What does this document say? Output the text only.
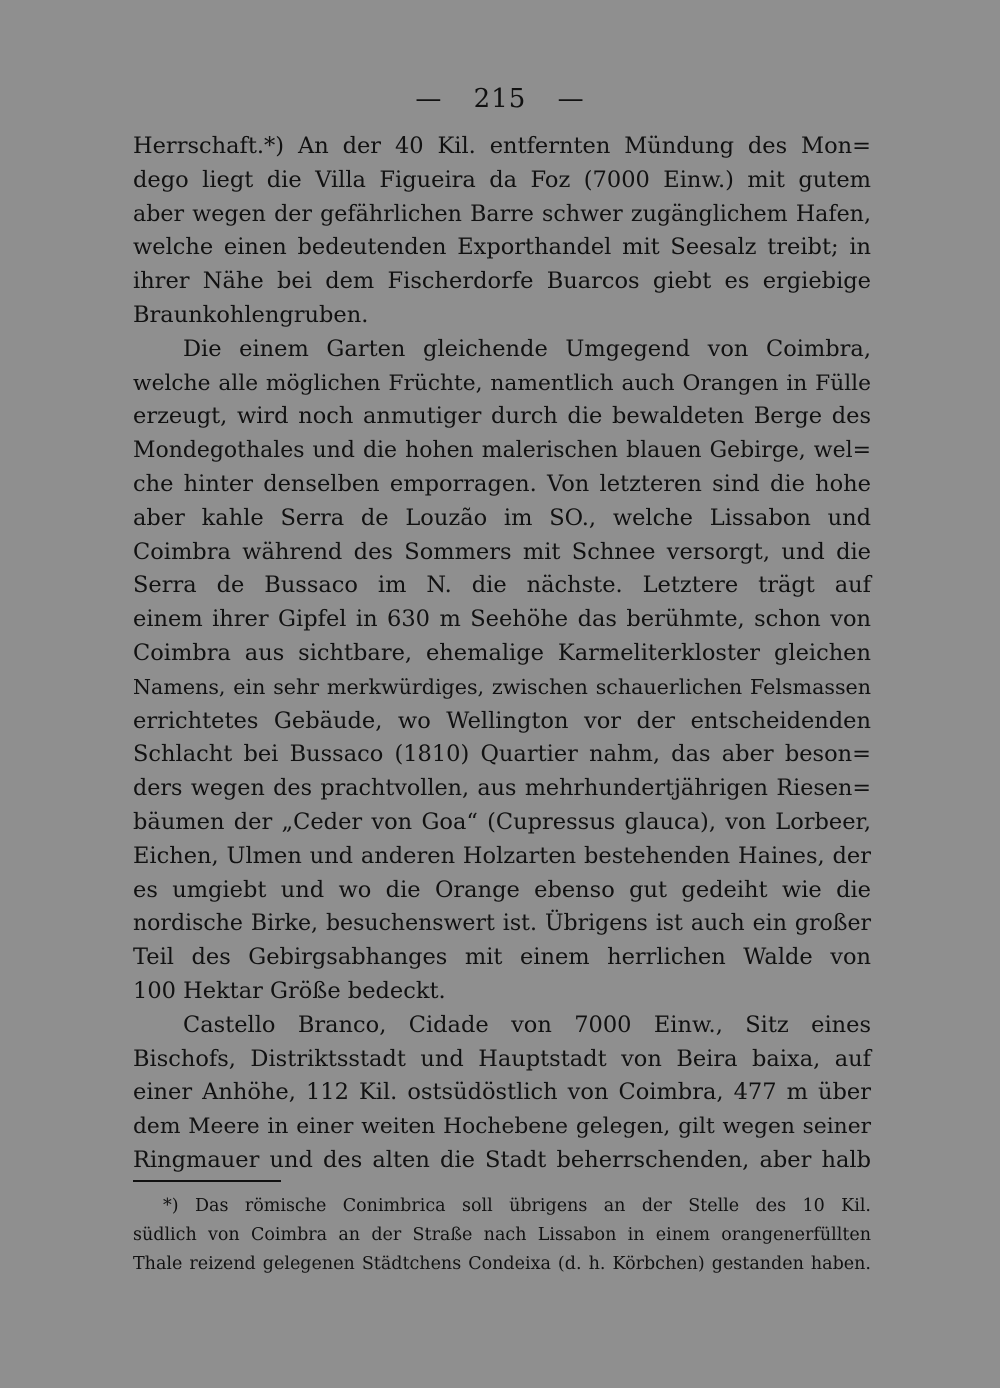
— 215 —
Herrschaft.*) An der 40 Kil. entfernten Mündung des Mon=
dego liegt die Villa Figueira da Foz (7000 Einw.) mit gutem
aber wegen der gefährlichen Barre schwer zugänglichem Hafen,
welche einen bedeutenden Exporthandel mit Seesalz treibt; in
ihrer Nähe bei dem Fischerdorfe Buarcos giebt es ergiebige
Braunkohlengruben.
Die einem Garten gleichende Umgegend von Coimbra,
welche alle möglichen Früchte, namentlich auch Orangen in Fülle
erzeugt, wird noch anmutiger durch die bewaldeten Berge des
Mondegothales und die hohen malerischen blauen Gebirge, wel=
che hinter denselben emporragen. Von letzteren sind die hohe
aber kahle Serra de Louzão im SO., welche Lissabon und
Coimbra während des Sommers mit Schnee versorgt, und die
Serra de Bussaco im N. die nächste. Letztere trägt auf
einem ihrer Gipfel in 630 m Seehöhe das berühmte, schon von
Coimbra aus sichtbare, ehemalige Karmeliterkloster gleichen
Namens, ein sehr merkwürdiges, zwischen schauerlichen Felsmassen
errichtetes Gebäude, wo Wellington vor der entscheidenden
Schlacht bei Bussaco (1810) Quartier nahm, das aber beson=
ders wegen des prachtvollen, aus mehrhundertjährigen Riesen=
bäumen der „Ceder von Goa“ (Cupressus glauca), von Lorbeer,
Eichen, Ulmen und anderen Holzarten bestehenden Haines, der
es umgiebt und wo die Orange ebenso gut gedeiht wie die
nordische Birke, besuchenswert ist. Übrigens ist auch ein großer
Teil des Gebirgsabhanges mit einem herrlichen Walde von
100 Hektar Größe bedeckt.
Castello Branco, Cidade von 7000 Einw., Sitz eines
Bischofs, Distriktsstadt und Hauptstadt von Beira baixa, auf
einer Anhöhe, 112 Kil. ostsüdöstlich von Coimbra, 477 m über
dem Meere in einer weiten Hochebene gelegen, gilt wegen seiner
Ringmauer und des alten die Stadt beherrschenden, aber halb
*) Das römische Conimbrica soll übrigens an der Stelle des 10 Kil.
südlich von Coimbra an der Straße nach Lissabon in einem orangenerfüllten
Thale reizend gelegenen Städtchens Condeixa (d. h. Körbchen) gestanden haben.
